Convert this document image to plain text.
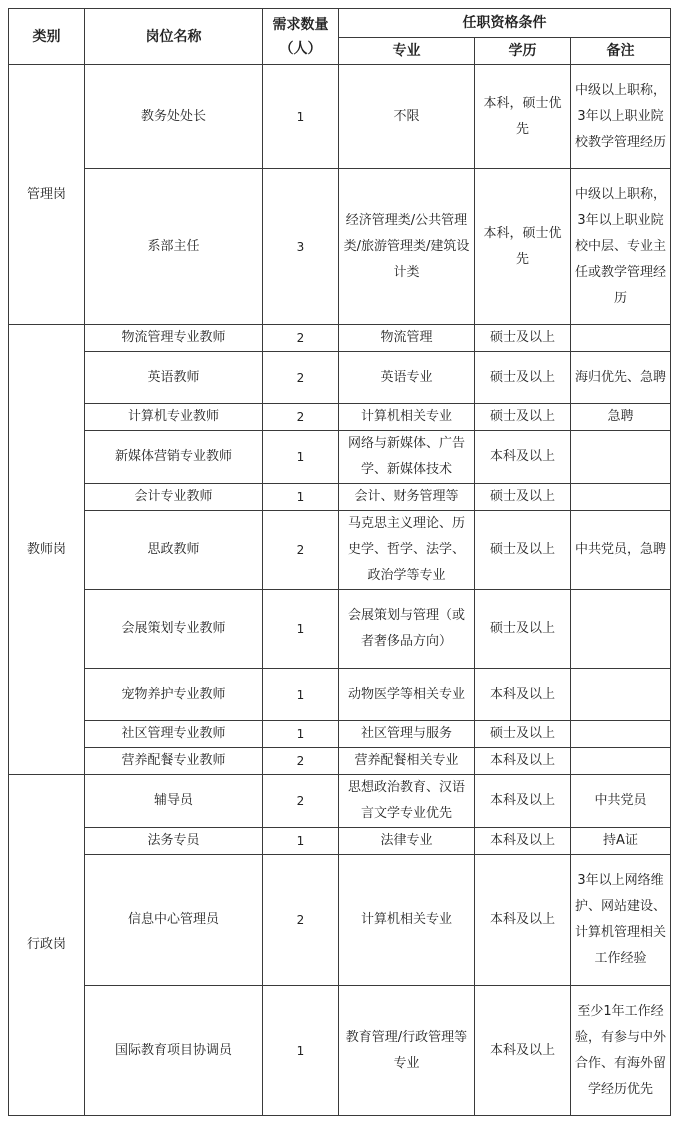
类别	岗位名称	需求数量
（人）	任职资格条件		
			专业	学历	备注
管理岗	教务处处长	1	不限	本科，硕士优先	中级以上职称，3年以上职业院校教学管理经历
	系部主任	3	经济管理类/公共管理类/旅游管理类/建筑设计类	本科，硕士优先	中级以上职称，3年以上职业院校中层、专业主任或教学管理经历
教师岗	物流管理专业教师	2	物流管理	硕士及以上	
	英语教师	2	英语专业	硕士及以上	海归优先、急聘
	计算机专业教师	2	计算机相关专业	硕士及以上	急聘
	新媒体营销专业教师	1	网络与新媒体、广告学、新媒体技术	本科及以上	
	会计专业教师	1	会计、财务管理等	硕士及以上	
	思政教师	2	马克思主义理论、历史学、哲学、法学、政治学等专业	硕士及以上	中共党员，急聘
	会展策划专业教师	1	会展策划与管理（或者奢侈品方向）	硕士及以上	
	宠物养护专业教师	1	动物医学等相关专业	本科及以上	
	社区管理专业教师	1	社区管理与服务	硕士及以上	
	营养配餐专业教师	2	营养配餐相关专业	本科及以上	
行政岗	辅导员	2	思想政治教育、汉语言文学专业优先	本科及以上	中共党员
	法务专员	1	法律专业	本科及以上	持A证
	信息中心管理员	2	计算机相关专业	本科及以上	3年以上网络维护、网站建设、计算机管理相关工作经验
	国际教育项目协调员	1	教育管理/行政管理等专业	本科及以上	至少1年工作经验，有参与中外合作、有海外留学经历优先
